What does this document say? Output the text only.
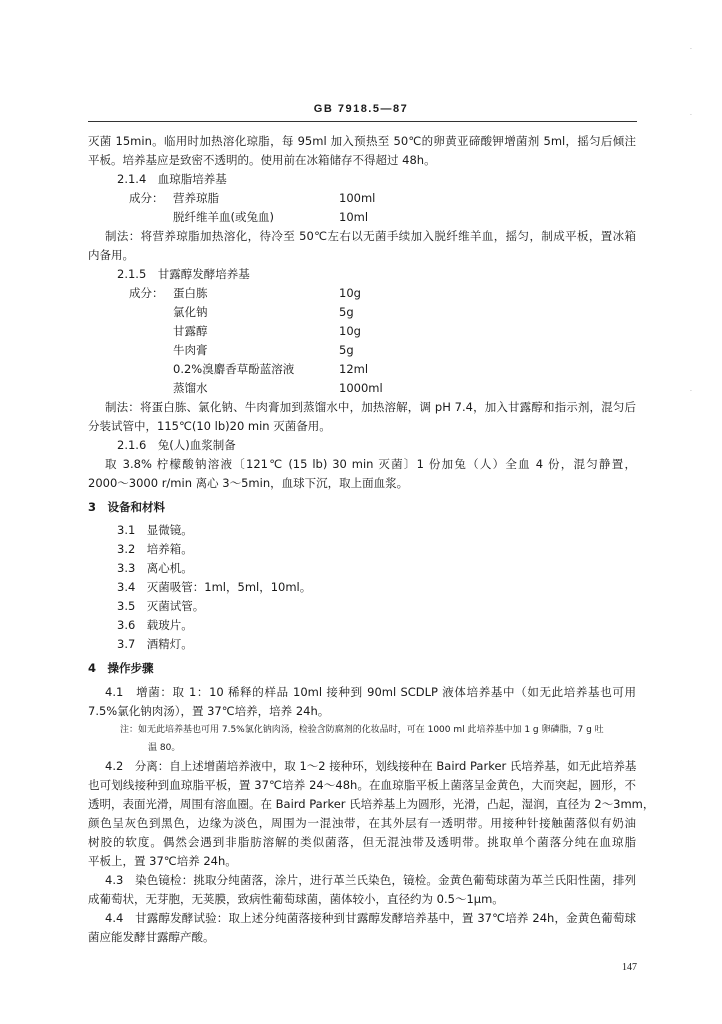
GB 7918.5—87
灭菌 15min。临用时加热溶化琼脂，每 95ml 加入预热至 50℃的卵黄亚碲酸钾增菌剂 5ml，摇匀后倾注
平板。培养基应是致密不透明的。使用前在冰箱储存不得超过 48h。
2.1.4　血琼脂培养基
成分： 营养琼脂	100ml
脱纤维羊血(或兔血)	10ml
制法：将营养琼脂加热溶化，待冷至 50℃左右以无菌手续加入脱纤维羊血，摇匀，制成平板，置冰箱
内备用。
2.1.5　甘露醇发酵培养基
成分： 蛋白胨	10g
氯化钠	5g
甘露醇	10g
牛肉膏	5g
0.2%溴麝香草酚蓝溶液	12ml
蒸馏水	1000ml
制法：将蛋白胨、氯化钠、牛肉膏加到蒸馏水中，加热溶解，调 pH 7.4，加入甘露醇和指示剂，混匀后
分装试管中，115℃(10 lb)20 min 灭菌备用。
2.1.6　兔(人)血浆制备
取 3.8% 柠檬酸钠溶液〔121℃ (15 lb) 30 min 灭菌〕1 份加兔（人）全血 4 份，混匀静置，
2000～3000 r/min 离心 3～5min，血球下沉，取上面血浆。
3　设备和材料
3.1　显微镜。
3.2　培养箱。
3.3　离心机。
3.4　灭菌吸管：1ml，5ml，10ml。
3.5　灭菌试管。
3.6　载玻片。
3.7　酒精灯。
4　操作步骤
4.1　增菌：取 1：10 稀释的样品 10ml 接种到 90ml SCDLP 液体培养基中（如无此培养基也可用
7.5%氯化钠肉汤），置 37℃培养，培养 24h。
注：如无此培养基也可用 7.5%氯化钠肉汤，检验含防腐剂的化妆品时，可在 1000 ml 此培养基中加 1 g 卵磷脂，7 g 吐
温 80。
4.2　分离：自上述增菌培养液中，取 1～2 接种环，划线接种在 Baird Parker 氏培养基，如无此培养基
也可划线接种到血琼脂平板，置 37℃培养 24～48h。在血琼脂平板上菌落呈金黄色，大而突起，圆形，不
透明，表面光滑，周围有溶血圈。在 Baird Parker 氏培养基上为圆形，光滑，凸起，湿润，直径为 2～3mm，
颜色呈灰色到黑色，边缘为淡色，周围为一混浊带，在其外层有一透明带。用接种针接触菌落似有奶油
树胶的软度。偶然会遇到非脂肪溶解的类似菌落，但无混浊带及透明带。挑取单个菌落分纯在血琼脂
平板上，置 37℃培养 24h。
4.3　染色镜检：挑取分纯菌落，涂片，进行革兰氏染色，镜检。金黄色葡萄球菌为革兰氏阳性菌，排列
成葡萄状，无芽胞，无荚膜，致病性葡萄球菌，菌体较小，直径约为 0.5～1μm。
4.4　甘露醇发酵试验：取上述分纯菌落接种到甘露醇发酵培养基中，置 37℃培养 24h，金黄色葡萄球
菌应能发酵甘露醇产酸。
147
·
·
·
